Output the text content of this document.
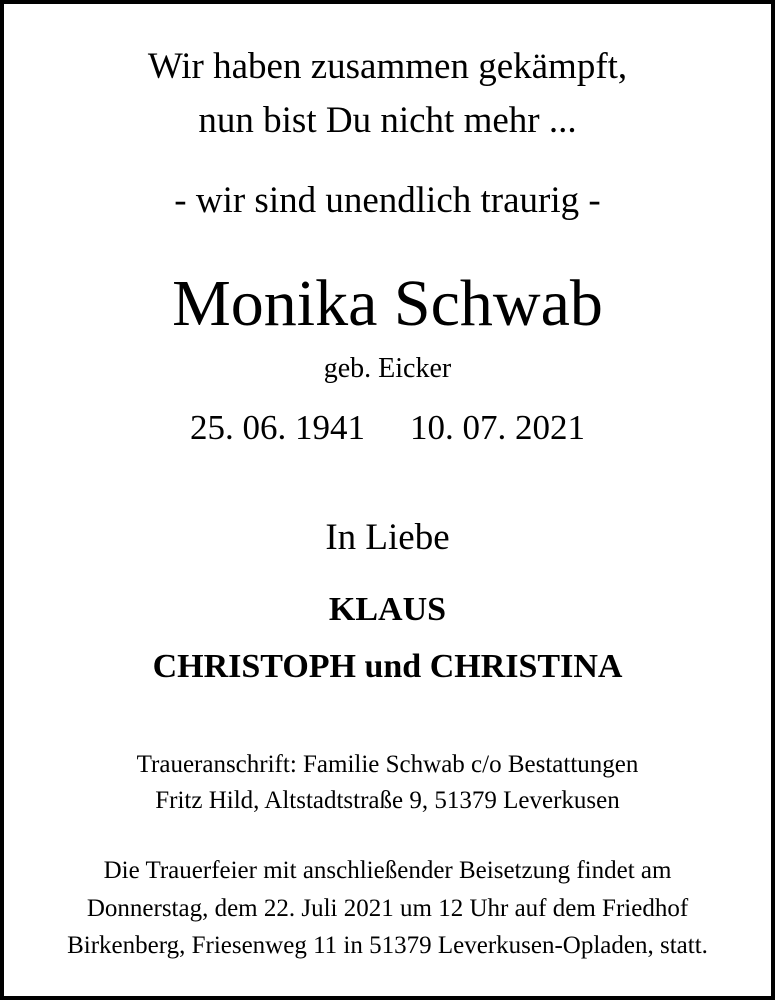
Wir haben zusammen gekämpft,
nun bist Du nicht mehr ...
- wir sind unendlich traurig -
Monika Schwab
geb. Eicker
25. 06. 1941 10. 07. 2021
In Liebe
KLAUS
CHRISTOPH und CHRISTINA
Traueranschrift: Familie Schwab c/o Bestattungen
Fritz Hild, Altstadtstraße 9, 51379 Leverkusen
Die Trauerfeier mit anschließender Beisetzung findet am
Donnerstag, dem 22. Juli 2021 um 12 Uhr auf dem Friedhof
Birkenberg, Friesenweg 11 in 51379 Leverkusen-Opladen, statt.
